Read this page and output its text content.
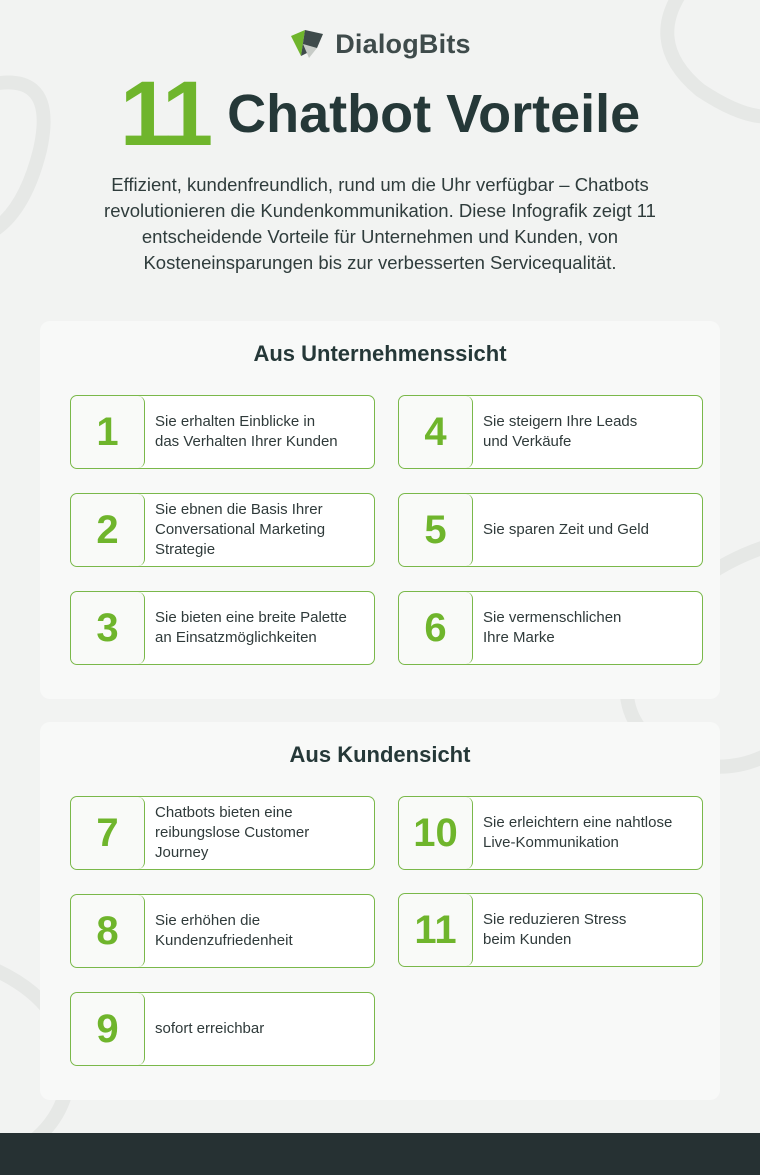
DialogBits
11 Chatbot Vorteile

Effizient, kundenfreundlich, rund um die Uhr verfügbar – Chatbots revolutionieren die Kundenkommunikation. Diese Infografik zeigt 11 entscheidende Vorteile für Unternehmen und Kunden, von Kosteneinsparungen bis zur verbesserten Servicequalität.

Aus Unternehmenssicht
1	Sie erhalten Einblicke in
das Verhalten Ihrer Kunden	4	Sie steigern Ihre Leads
und Verkäufe
2	Sie ebnen die Basis Ihrer
Conversational Marketing
Strategie	5	Sie sparen Zeit und Geld
3	Sie bieten eine breite Palette
an Einsatzmöglichkeiten	6	Sie vermenschlichen
Ihre Marke
Aus Kundensicht
7	Chatbots bieten eine
reibungslose Customer
Journey	10	Sie erleichtern eine nahtlose
Live-Kommunikation
8	Sie erhöhen die
Kundenzufriedenheit	11	Sie reduzieren Stress
beim Kunden
9	sofort erreichbar
